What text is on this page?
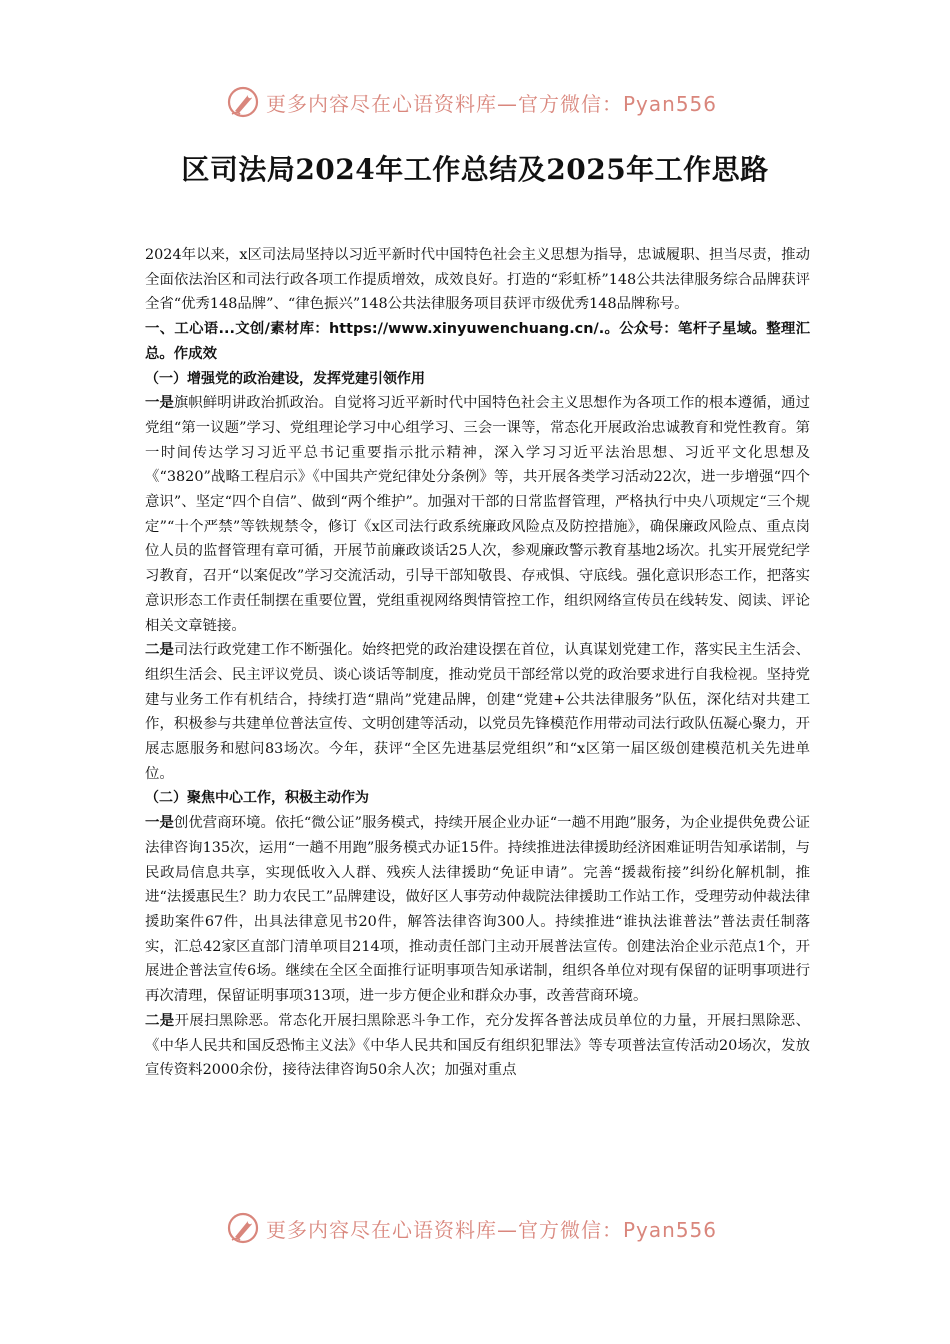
更多内容尽在心语资料库—官方微信：Pyan556
区司法局2024年工作总结及2025年工作思路

2024年以来，x区司法局坚持以习近平新时代中国特色社会主义思想为指导，忠诚履职、担当尽责，推动全面依法治区和司法行政各项工作提质增效，成效良好。打造的“彩虹桥”148公共法律服务综合品牌获评全省“优秀148品牌”、“律色振兴”148公共法律服务项目获评市级优秀148品牌称号。

一、工心语...文创/素材库：https://www.xinyuwenchuang.cn/.。公众号：笔杆子星域。整理汇总。作成效

（一）增强党的政治建设，发挥党建引领作用

一是旗帜鲜明讲政治抓政治。自觉将习近平新时代中国特色社会主义思想作为各项工作的根本遵循，通过党组“第一议题”学习、党组理论学习中心组学习、三会一课等，常态化开展政治忠诚教育和党性教育。第一时间传达学习习近平总书记重要指示批示精神，深入学习习近平法治思想、习近平文化思想及《“3820”战略工程启示》《中国共产党纪律处分条例》等，共开展各类学习活动22次，进一步增强“四个意识”、坚定“四个自信”、做到“两个维护”。加强对干部的日常监督管理，严格执行中央八项规定“三个规定”“十个严禁”等铁规禁令，修订《x区司法行政系统廉政风险点及防控措施》，确保廉政风险点、重点岗位人员的监督管理有章可循，开展节前廉政谈话25人次，参观廉政警示教育基地2场次。扎实开展党纪学习教育，召开“以案促改”学习交流活动，引导干部知敬畏、存戒惧、守底线。强化意识形态工作，把落实意识形态工作责任制摆在重要位置，党组重视网络舆情管控工作，组织网络宣传员在线转发、阅读、评论相关文章链接。

二是司法行政党建工作不断强化。始终把党的政治建设摆在首位，认真谋划党建工作，落实民主生活会、组织生活会、民主评议党员、谈心谈话等制度，推动党员干部经常以党的政治要求进行自我检视。坚持党建与业务工作有机结合，持续打造“鼎尚”党建品牌，创建“党建+公共法律服务”队伍，深化结对共建工作，积极参与共建单位普法宣传、文明创建等活动，以党员先锋模范作用带动司法行政队伍凝心聚力，开展志愿服务和慰问83场次。今年，获评“全区先进基层党组织”和“x区第一届区级创建模范机关先进单位。

（二）聚焦中心工作，积极主动作为

一是创优营商环境。依托“微公证”服务模式，持续开展企业办证“一趟不用跑”服务，为企业提供免费公证法律咨询135次，运用“一趟不用跑”服务模式办证15件。持续推进法律援助经济困难证明告知承诺制，与民政局信息共享，实现低收入人群、残疾人法律援助“免证申请”。完善“援裁衔接”纠纷化解机制，推进“法援惠民生？助力农民工”品牌建设，做好区人事劳动仲裁院法律援助工作站工作，受理劳动仲裁法律援助案件67件，出具法律意见书20件，解答法律咨询300人。持续推进“谁执法谁普法”普法责任制落实，汇总42家区直部门清单项目214项，推动责任部门主动开展普法宣传。创建法治企业示范点1个，开展进企普法宣传6场。继续在全区全面推行证明事项告知承诺制，组织各单位对现有保留的证明事项进行再次清理，保留证明事项313项，进一步方便企业和群众办事，改善营商环境。

二是开展扫黑除恶。常态化开展扫黑除恶斗争工作，充分发挥各普法成员单位的力量，开展扫黑除恶、《中华人民共和国反恐怖主义法》《中华人民共和国反有组织犯罪法》等专项普法宣传活动20场次，发放宣传资料2000余份，接待法律咨询50余人次；加强对重点

更多内容尽在心语资料库—官方微信：Pyan556
